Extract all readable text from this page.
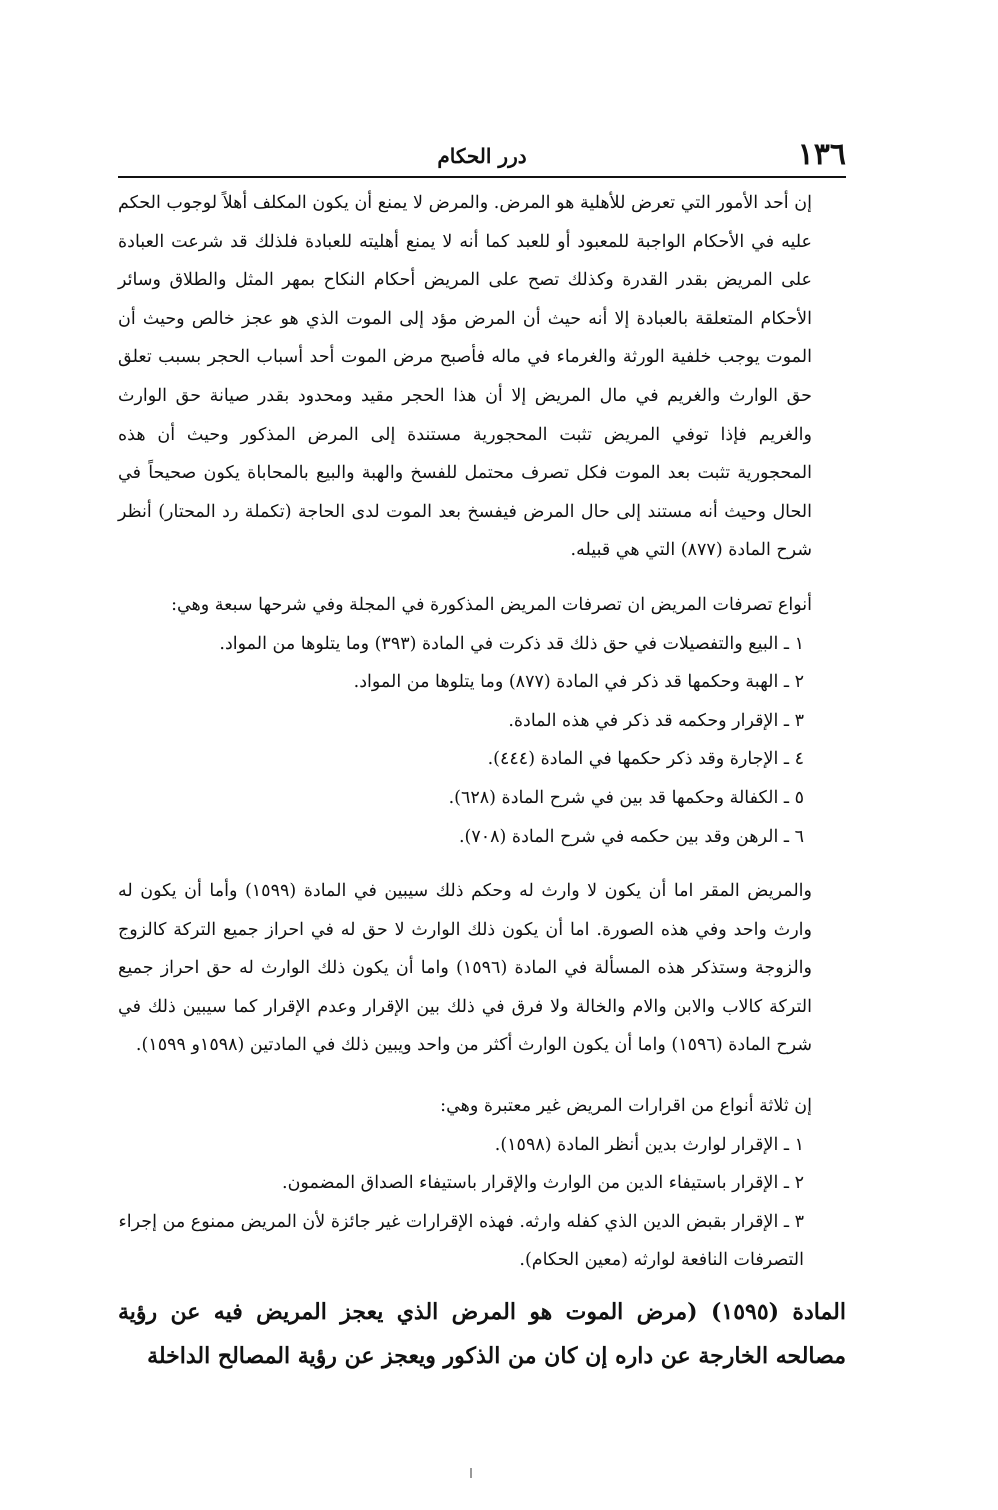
١٣٦
درر الحكام

إن أحد الأمور التي تعرض للأهلية هو المرض. والمرض لا يمنع أن يكون المكلف أهلاً لوجوب الحكم عليه في الأحكام الواجبة للمعبود أو للعبد كما أنه لا يمنع أهليته للعبادة فلذلك قد شرعت العبادة على المريض بقدر القدرة وكذلك تصح على المريض أحكام النكاح بمهر المثل والطلاق وسائر الأحكام المتعلقة بالعبادة إلا أنه حيث أن المرض مؤد إلى الموت الذي هو عجز خالص وحيث أن الموت يوجب خلفية الورثة والغرماء في ماله فأصبح مرض الموت أحد أسباب الحجر بسبب تعلق حق الوارث والغريم في مال المريض إلا أن هذا الحجر مقيد ومحدود بقدر صيانة حق الوارث والغريم فإذا توفي المريض تثبت المحجورية مستندة إلى المرض المذكور وحيث أن هذه المحجورية تثبت بعد الموت فكل تصرف محتمل للفسخ والهبة والبيع بالمحاباة يكون صحيحاً في الحال وحيث أنه مستند إلى حال المرض فيفسخ بعد الموت لدى الحاجة (تكملة رد المحتار) أنظر شرح المادة (٨٧٧) التي هي قبيله.

أنواع تصرفات المريض ان تصرفات المريض المذكورة في المجلة وفي شرحها سبعة وهي:

١ ـ البيع والتفصيلات في حق ذلك قد ذكرت في المادة (٣٩٣) وما يتلوها من المواد.

٢ ـ الهبة وحكمها قد ذكر في المادة (٨٧٧) وما يتلوها من المواد.

٣ ـ الإقرار وحكمه قد ذكر في هذه المادة.

٤ ـ الإجارة وقد ذكر حكمها في المادة (٤٤٤).

٥ ـ الكفالة وحكمها قد بين في شرح المادة (٦٢٨).

٦ ـ الرهن وقد بين حكمه في شرح المادة (٧٠٨).

والمريض المقر اما أن يكون لا وارث له وحكم ذلك سيبين في المادة (١٥٩٩) وأما أن يكون له وارث واحد وفي هذه الصورة. اما أن يكون ذلك الوارث لا حق له في احراز جميع التركة كالزوج والزوجة وستذكر هذه المسألة في المادة (١٥٩٦) واما أن يكون ذلك الوارث له حق احراز جميع التركة كالاب والابن والام والخالة ولا فرق في ذلك بين الإقرار وعدم الإقرار كما سيبين ذلك في شرح المادة (١٥٩٦) واما أن يكون الوارث أكثر من واحد ويبين ذلك في المادتين (١٥٩٨و ١٥٩٩).

إن ثلاثة أنواع من اقرارات المريض غير معتبرة وهي:

١ ـ الإقرار لوارث بدين أنظر المادة (١٥٩٨).

٢ ـ الإقرار باستيفاء الدين من الوارث والإقرار باستيفاء الصداق المضمون.

٣ ـ الإقرار بقبض الدين الذي كفله وارثه. فهذه الإقرارات غير جائزة لأن المريض ممنوع من إجراء التصرفات النافعة لوارثه (معين الحكام).

المادة (١٥٩٥) (مرض الموت هو المرض الذي يعجز المريض فيه عن رؤية مصالحه الخارجة عن داره إن كان من الذكور ويعجز عن رؤية المصالح الداخلة
